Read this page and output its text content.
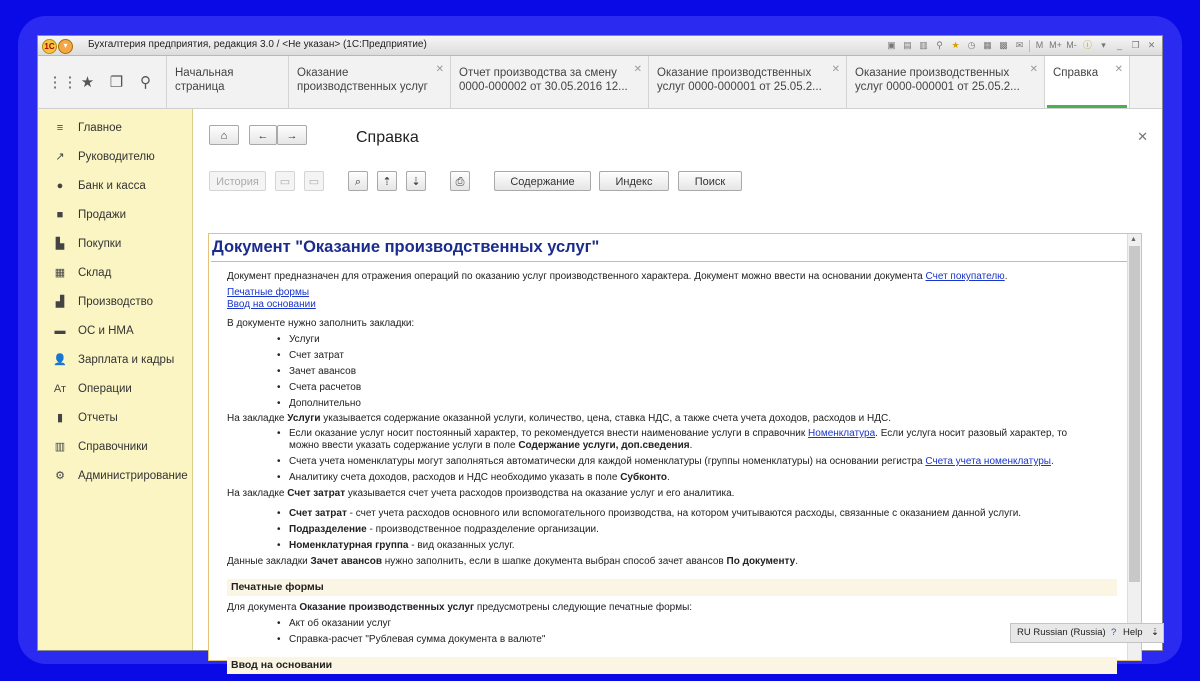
1С	▾	Бухгалтерия предприятия, редакция 3.0 / <Не указан> (1С:Предприятие)	▣ ▤ ▥ ⚲ ★ ◷ ▦ ▩ ✉	M M+ M- ⓘ	▾	_	❐ ✕
⋮⋮ ★ ❐	⚲
Начальная страница
Оказание производственных услуг
✕	Отчет производства за смену 0000-000002 от 30.05.2016 12...
✕	Оказание производственных услуг 0000-000001 от 25.05.2...
✕	Оказание производственных услуг 0000-000001 от 25.05.2...
✕	Справка ✕
≡	Главное
↗ Руководителю
●	Банк и касса
■	Продажи
▙	Покупки
▦ Склад
▟	Производство
▬ ОС и НМА
👤 Зарплата и кадры
Ат Операции
▮	Отчеты
▥ Справочники
⚙ Администрирование
⌂	←	→	Справка	✕
История	▭	▭	⌕	⇡	⇣	⎙	Содержание	Индекс	Поиск
Документ "Оказание производственных услуг"
Документ предназначен для отражения операций по оказанию услуг производственного характера. Документ можно ввести на основании документа Счет покупателю.
Печатные формы
Ввод на основании
В документе нужно заполнить закладки:
• Услуги
• Счет затрат
• Зачет авансов
• Счета расчетов
• Дополнительно
На закладке Услуги указывается содержание оказанной услуги, количество, цена, ставка НДС, а также счета учета доходов, расходов и НДС.
• Если оказание услуг носит постоянный характер, то рекомендуется внести наименование услуги в справочник Номенклатура. Если услуга носит разовый характер, то
можно ввести указать содержание услуги в поле Содержание услуги, доп.сведения.
• Счета учета номенклатуры могут заполняться автоматически для каждой номенклатуры (группы номенклатуры) на основании регистра Счета учета номенклатуры.
• Аналитику счета доходов, расходов и НДС необходимо указать в поле Субконто.
На закладке Счет затрат указывается счет учета расходов производства на оказание услуг и его аналитика.
• Счет затрат - счет учета расходов основного или вспомогательного производства, на котором учитываются расходы, связанные с оказанием данной услуги.
• Подразделение - производственное подразделение организации.
• Номенклатурная группа - вид оказанных услуг.
Данные закладки Зачет авансов нужно заполнить, если в шапке документа выбран способ зачет авансов По документу.
Печатные формы
Для документа Оказание производственных услуг предусмотрены следующие печатные формы:
• Акт об оказании услуг
• Справка-расчет "Рублевая сумма документа в валюте"
Ввод на основании
▲
RU Russian (Russia) ? Help ⇣
